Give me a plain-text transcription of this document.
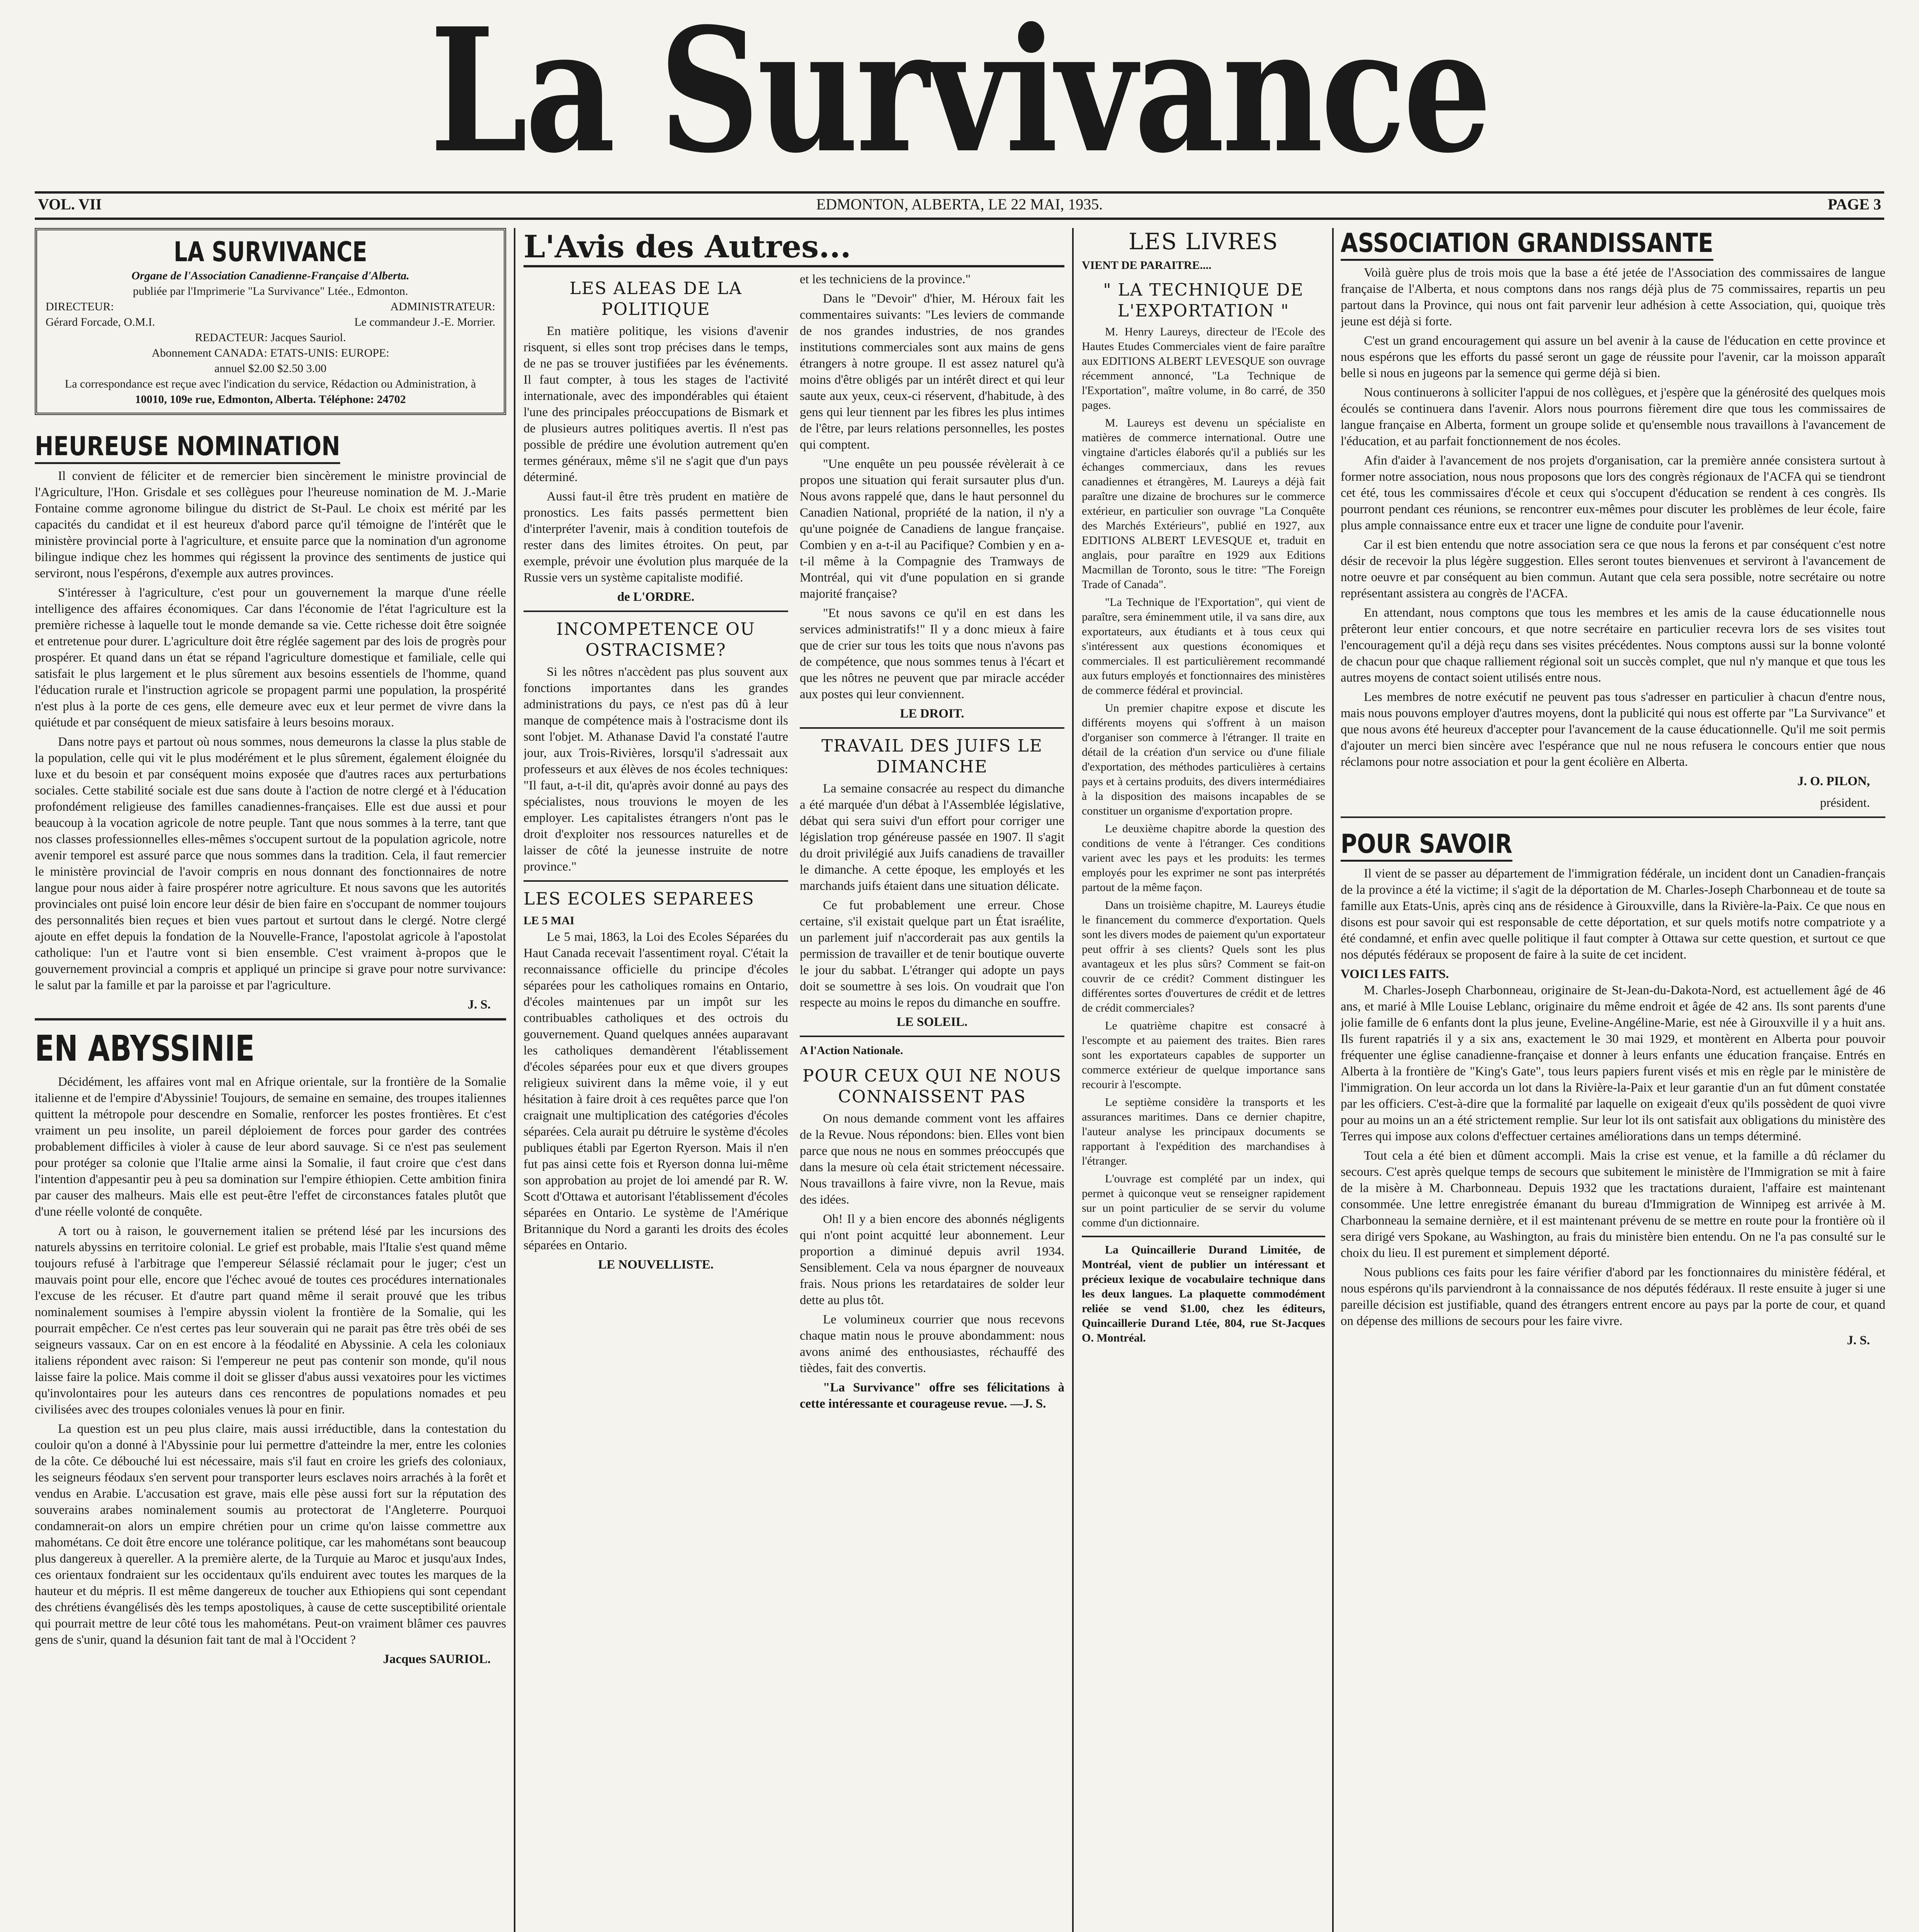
La Survivance
VOL. VII	EDMONTON, ALBERTA, LE 22 MAI, 1935.	PAGE 3
LA SURVIVANCE
Organe de l'Association Canadienne-Française d'Alberta.
publiée par l'Imprimerie "La Survivance" Ltée., Edmonton.
DIRECTEUR:	ADMINISTRATEUR:
Gérard Forcade, O.M.I.	Le commandeur J.-E. Morrier.
REDACTEUR: Jacques Sauriol.
Abonnement CANADA: ETATS-UNIS: EUROPE:
annuel $2.00 $2.50 3.00
La correspondance est reçue avec l'indication du service, Rédaction ou Administration, à
10010, 109e rue, Edmonton, Alberta. Téléphone: 24702
HEUREUSE NOMINATION

Il convient de féliciter et de remercier bien sincèrement le ministre provincial de l'Agriculture, l'Hon. Grisdale et ses collègues pour l'heureuse nomination de M. J.-Marie Fontaine comme agronome bilingue du district de St-Paul. Le choix est mérité par les capacités du candidat et il est heureux d'abord parce qu'il témoigne de l'intérêt que le ministère provincial porte à l'agriculture, et ensuite parce que la nomination d'un agronome bilingue indique chez les hommes qui régissent la province des sentiments de justice qui serviront, nous l'espérons, d'exemple aux autres provinces.

S'intéresser à l'agriculture, c'est pour un gouvernement la marque d'une réelle intelligence des affaires économiques. Car dans l'économie de l'état l'agriculture est la première richesse à laquelle tout le monde demande sa vie. Cette richesse doit être soignée et entretenue pour durer. L'agriculture doit être réglée sagement par des lois de progrès pour prospérer. Et quand dans un état se répand l'agriculture domestique et familiale, celle qui satisfait le plus largement et le plus sûrement aux besoins essentiels de l'homme, quand l'éducation rurale et l'instruction agricole se propagent parmi une population, la prospérité n'est plus à la porte de ces gens, elle demeure avec eux et leur permet de vivre dans la quiétude et par conséquent de mieux satisfaire à leurs besoins moraux.

Dans notre pays et partout où nous sommes, nous demeurons la classe la plus stable de la population, celle qui vit le plus modérément et le plus sûrement, également éloignée du luxe et du besoin et par conséquent moins exposée que d'autres races aux perturbations sociales. Cette stabilité sociale est due sans doute à l'action de notre clergé et à l'éducation profondément religieuse des familles canadiennes-françaises. Elle est due aussi et pour beaucoup à la vocation agricole de notre peuple. Tant que nous sommes à la terre, tant que nos classes professionnelles elles-mêmes s'occupent surtout de la population agricole, notre avenir temporel est assuré parce que nous sommes dans la tradition. Cela, il faut remercier le ministère provincial de l'avoir compris en nous donnant des fonctionnaires de notre langue pour nous aider à faire prospérer notre agriculture. Et nous savons que les autorités provinciales ont puisé loin encore leur désir de bien faire en s'occupant de nommer toujours des personnalités bien reçues et bien vues partout et surtout dans le clergé. Notre clergé ajoute en effet depuis la fondation de la Nouvelle-France, l'apostolat agricole à l'apostolat catholique: l'un et l'autre vont si bien ensemble. C'est vraiment à-propos que le gouvernement provincial a compris et appliqué un principe si grave pour notre survivance: le salut par la famille et par la paroisse et par l'agriculture.

J. S.
EN ABYSSINIE

Décidément, les affaires vont mal en Afrique orientale, sur la frontière de la Somalie italienne et de l'empire d'Abyssinie! Toujours, de semaine en semaine, des troupes italiennes quittent la métropole pour descendre en Somalie, renforcer les postes frontières. Et c'est vraiment un peu insolite, un pareil déploiement de forces pour garder des contrées probablement difficiles à violer à cause de leur abord sauvage. Si ce n'est pas seulement pour protéger sa colonie que l'Italie arme ainsi la Somalie, il faut croire que c'est dans l'intention d'appesantir peu à peu sa domination sur l'empire éthiopien. Cette ambition finira par causer des malheurs. Mais elle est peut-être l'effet de circonstances fatales plutôt que d'une réelle volonté de conquête.

A tort ou à raison, le gouvernement italien se prétend lésé par les incursions des naturels abyssins en territoire colonial. Le grief est probable, mais l'Italie s'est quand même toujours refusé à l'arbitrage que l'empereur Sélassié réclamait pour le juger; c'est un mauvais point pour elle, encore que l'échec avoué de toutes ces procédures internationales l'excuse de les récuser. Et d'autre part quand même il serait prouvé que les tribus nominalement soumises à l'empire abyssin violent la frontière de la Somalie, qui les pourrait empêcher. Ce n'est certes pas leur souverain qui ne parait pas être très obéi de ses seigneurs vassaux. Car on en est encore à la féodalité en Abyssinie. A cela les coloniaux italiens répondent avec raison: Si l'empereur ne peut pas contenir son monde, qu'il nous laisse faire la police. Mais comme il doit se glisser d'abus aussi vexatoires pour les victimes qu'involontaires pour les auteurs dans ces rencontres de populations nomades et peu civilisées avec des troupes coloniales venues là pour en finir.

La question est un peu plus claire, mais aussi irréductible, dans la contestation du couloir qu'on a donné à l'Abyssinie pour lui permettre d'atteindre la mer, entre les colonies de la côte. Ce débouché lui est nécessaire, mais s'il faut en croire les griefs des coloniaux, les seigneurs féodaux s'en servent pour transporter leurs esclaves noirs arrachés à la forêt et vendus en Arabie. L'accusation est grave, mais elle pèse aussi fort sur la réputation des souverains arabes nominalement soumis au protectorat de l'Angleterre. Pourquoi condamnerait-on alors un empire chrétien pour un crime qu'on laisse commettre aux mahométans. Ce doit être encore une tolérance politique, car les mahométans sont beaucoup plus dangereux à quereller. A la première alerte, de la Turquie au Maroc et jusqu'aux Indes, ces orientaux fondraient sur les occidentaux qu'ils enduirent avec toutes les marques de la hauteur et du mépris. Il est même dangereux de toucher aux Ethiopiens qui sont cependant des chrétiens évangélisés dès les temps apostoliques, à cause de cette susceptibilité orientale qui pourrait mettre de leur côté tous les mahométans. Peut-on vraiment blâmer ces pauvres gens de s'unir, quand la désunion fait tant de mal à l'Occident ?

Jacques SAURIOL.
L'Avis des Autres...
LES ALEAS DE LA POLITIQUE

En matière politique, les visions d'avenir risquent, si elles sont trop précises dans le temps, de ne pas se trouver justifiées par les événements. Il faut compter, à tous les stages de l'activité internationale, avec des impondérables qui étaient l'une des principales préoccupations de Bismark et de plusieurs autres politiques avertis. Il n'est pas possible de prédire une évolution autrement qu'en termes généraux, même s'il ne s'agit que d'un pays déterminé.

Aussi faut-il être très prudent en matière de pronostics. Les faits passés permettent bien d'interpréter l'avenir, mais à condition toutefois de rester dans des limites étroites. On peut, par exemple, prévoir une évolution plus marquée de la Russie vers un système capitaliste modifié.

de L'ORDRE.
INCOMPETENCE OU OSTRACISME?

Si les nôtres n'accèdent pas plus souvent aux fonctions importantes dans les grandes administrations du pays, ce n'est pas dû à leur manque de compétence mais à l'ostracisme dont ils sont l'objet. M. Athanase David l'a constaté l'autre jour, aux Trois-Rivières, lorsqu'il s'adressait aux professeurs et aux élèves de nos écoles techniques: "Il faut, a-t-il dit, qu'après avoir donné au pays des spécialistes, nous trouvions le moyen de les employer. Les capitalistes étrangers n'ont pas le droit d'exploiter nos ressources naturelles et de laisser de côté la jeunesse instruite de notre province."

LES ECOLES SEPAREES
LE 5 MAI

Le 5 mai, 1863, la Loi des Ecoles Séparées du Haut Canada recevait l'assentiment royal. C'était la reconnaissance officielle du principe d'écoles séparées pour les catholiques romains en Ontario, d'écoles maintenues par un impôt sur les contribuables catholiques et des octrois du gouvernement. Quand quelques années auparavant les catholiques demandèrent l'établissement d'écoles séparées pour eux et que divers groupes religieux suivirent dans la même voie, il y eut hésitation à faire droit à ces requêtes parce que l'on craignait une multiplication des catégories d'écoles séparées. Cela aurait pu détruire le système d'écoles publiques établi par Egerton Ryerson. Mais il n'en fut pas ainsi cette fois et Ryerson donna lui-même son approbation au projet de loi amendé par R. W. Scott d'Ottawa et autorisant l'établissement d'écoles séparées en Ontario. Le système de l'Amérique Britannique du Nord a garanti les droits des écoles séparées en Ontario.

LE NOUVELLISTE.

et les techniciens de la province."

Dans le "Devoir" d'hier, M. Héroux fait les commentaires suivants: "Les leviers de commande de nos grandes industries, de nos grandes institutions commerciales sont aux mains de gens étrangers à notre groupe. Il est assez naturel qu'à moins d'être obligés par un intérêt direct et qui leur saute aux yeux, ceux-ci réservent, d'habitude, à des gens qui leur tiennent par les fibres les plus intimes de l'être, par leurs relations personnelles, les postes qui comptent.

"Une enquête un peu poussée révèlerait à ce propos une situation qui ferait sursauter plus d'un. Nous avons rappelé que, dans le haut personnel du Canadien National, propriété de la nation, il n'y a qu'une poignée de Canadiens de langue française. Combien y en a-t-il au Pacifique? Combien y en a-t-il même à la Compagnie des Tramways de Montréal, qui vit d'une population en si grande majorité française?

"Et nous savons ce qu'il en est dans les services administratifs!" Il y a donc mieux à faire que de crier sur tous les toits que nous n'avons pas de compétence, que nous sommes tenus à l'écart et que les nôtres ne peuvent que par miracle accéder aux postes qui leur conviennent.

LE DROIT.
TRAVAIL DES JUIFS LE DIMANCHE

La semaine consacrée au respect du dimanche a été marquée d'un débat à l'Assemblée législative, débat qui sera suivi d'un effort pour corriger une législation trop généreuse passée en 1907. Il s'agit du droit privilégié aux Juifs canadiens de travailler le dimanche. A cette époque, les employés et les marchands juifs étaient dans une situation délicate.

Ce fut probablement une erreur. Chose certaine, s'il existait quelque part un État israélite, un parlement juif n'accorderait pas aux gentils la permission de travailler et de tenir boutique ouverte le jour du sabbat. L'étranger qui adopte un pays doit se soumettre à ses lois. On voudrait que l'on respecte au moins le repos du dimanche en souffre.

LE SOLEIL.
A l'Action Nationale.
POUR CEUX QUI NE NOUS CONNAISSENT PAS

On nous demande comment vont les affaires de la Revue. Nous répondons: bien. Elles vont bien parce que nous ne nous en sommes préoccupés que dans la mesure où cela était strictement nécessaire. Nous travaillons à faire vivre, non la Revue, mais des idées.

Oh! Il y a bien encore des abonnés négligents qui n'ont point acquitté leur abonnement. Leur proportion a diminué depuis avril 1934. Sensiblement. Cela va nous épargner de nouveaux frais. Nous prions les retardataires de solder leur dette au plus tôt.

Le volumineux courrier que nous recevons chaque matin nous le prouve abondamment: nous avons animé des enthousiastes, réchauffé des tièdes, fait des convertis.

"La Survivance" offre ses félicitations à cette intéressante et courageuse revue. —J. S.

LES LIVRES
VIENT DE PARAITRE....
" LA TECHNIQUE DE L'EXPORTATION "

M. Henry Laureys, directeur de l'Ecole des Hautes Etudes Commerciales vient de faire paraître aux EDITIONS ALBERT LEVESQUE son ouvrage récemment annoncé, "La Technique de l'Exportation", maître volume, in 8o carré, de 350 pages.

M. Laureys est devenu un spécialiste en matières de commerce international. Outre une vingtaine d'articles élaborés qu'il a publiés sur les échanges commerciaux, dans les revues canadiennes et étrangères, M. Laureys a déjà fait paraître une dizaine de brochures sur le commerce extérieur, en particulier son ouvrage "La Conquête des Marchés Extérieurs", publié en 1927, aux EDITIONS ALBERT LEVESQUE et, traduit en anglais, pour paraître en 1929 aux Editions Macmillan de Toronto, sous le titre: "The Foreign Trade of Canada".

"La Technique de l'Exportation", qui vient de paraître, sera éminemment utile, il va sans dire, aux exportateurs, aux étudiants et à tous ceux qui s'intéressent aux questions économiques et commerciales. Il est particulièrement recommandé aux futurs employés et fonctionnaires des ministères de commerce fédéral et provincial.

Un premier chapitre expose et discute les différents moyens qui s'offrent à un maison d'organiser son commerce à l'étranger. Il traite en détail de la création d'un service ou d'une filiale d'exportation, des méthodes particulières à certains pays et à certains produits, des divers intermédiaires à la disposition des maisons incapables de se constituer un organisme d'exportation propre.

Le deuxième chapitre aborde la question des conditions de vente à l'étranger. Ces conditions varient avec les pays et les produits: les termes employés pour les exprimer ne sont pas interprétés partout de la même façon.

Dans un troisième chapitre, M. Laureys étudie le financement du commerce d'exportation. Quels sont les divers modes de paiement qu'un exportateur peut offrir à ses clients? Quels sont les plus avantageux et les plus sûrs? Comment se fait-on couvrir de ce crédit? Comment distinguer les différentes sortes d'ouvertures de crédit et de lettres de crédit commerciales?

Le quatrième chapitre est consacré à l'escompte et au paiement des traites. Bien rares sont les exportateurs capables de supporter un commerce extérieur de quelque importance sans recourir à l'escompte.

Le septième considère la transports et les assurances maritimes. Dans ce dernier chapitre, l'auteur analyse les principaux documents se rapportant à l'expédition des marchandises à l'étranger.

L'ouvrage est complété par un index, qui permet à quiconque veut se renseigner rapidement sur un point particulier de se servir du volume comme d'un dictionnaire.

La Quincaillerie Durand Limitée, de Montréal, vient de publier un intéressant et précieux lexique de vocabulaire technique dans les deux langues. La plaquette commodément reliée se vend $1.00, chez les éditeurs, Quincaillerie Durand Ltée, 804, rue St-Jacques O. Montréal.

ASSOCIATION GRANDISSANTE

Voilà guère plus de trois mois que la base a été jetée de l'Association des commissaires de langue française de l'Alberta, et nous comptons dans nos rangs déjà plus de 75 commissaires, repartis un peu partout dans la Province, qui nous ont fait parvenir leur adhésion à cette Association, qui, quoique très jeune est déjà si forte.

C'est un grand encouragement qui assure un bel avenir à la cause de l'éducation en cette province et nous espérons que les efforts du passé seront un gage de réussite pour l'avenir, car la moisson apparaît belle si nous en jugeons par la semence qui germe déjà si bien.

Nous continuerons à solliciter l'appui de nos collègues, et j'espère que la générosité des quelques mois écoulés se continuera dans l'avenir. Alors nous pourrons fièrement dire que tous les commissaires de langue française en Alberta, forment un groupe solide et qu'ensemble nous travaillons à l'avancement de l'éducation, et au parfait fonctionnement de nos écoles.

Afin d'aider à l'avancement de nos projets d'organisation, car la première année consistera surtout à former notre association, nous nous proposons que lors des congrès régionaux de l'ACFA qui se tiendront cet été, tous les commissaires d'école et ceux qui s'occupent d'éducation se rendent à ces congrès. Ils pourront pendant ces réunions, se rencontrer eux-mêmes pour discuter les problèmes de leur école, faire plus ample connaissance entre eux et tracer une ligne de conduite pour l'avenir.

Car il est bien entendu que notre association sera ce que nous la ferons et par conséquent c'est notre désir de recevoir la plus légère suggestion. Elles seront toutes bienvenues et serviront à l'avancement de notre oeuvre et par conséquent au bien commun. Autant que cela sera possible, notre secrétaire ou notre représentant assistera au congrès de l'ACFA.

En attendant, nous comptons que tous les membres et les amis de la cause éducationnelle nous prêteront leur entier concours, et que notre secrétaire en particulier recevra lors de ses visites tout l'encouragement qu'il a déjà reçu dans ses visites précédentes. Nous comptons aussi sur la bonne volonté de chacun pour que chaque ralliement régional soit un succès complet, que nul n'y manque et que tous les autres moyens de contact soient utilisés entre nous.

Les membres de notre exécutif ne peuvent pas tous s'adresser en particulier à chacun d'entre nous, mais nous pouvons employer d'autres moyens, dont la publicité qui nous est offerte par "La Survivance" et que nous avons été heureux d'accepter pour l'avancement de la cause éducationnelle. Qu'il me soit permis d'ajouter un merci bien sincère avec l'espérance que nul ne nous refusera le concours entier que nous réclamons pour notre association et pour la gent écolière en Alberta.

J. O. PILON,
président.
POUR SAVOIR

Il vient de se passer au département de l'immigration fédérale, un incident dont un Canadien-français de la province a été la victime; il s'agit de la déportation de M. Charles-Joseph Charbonneau et de toute sa famille aux Etats-Unis, après cinq ans de résidence à Girouxville, dans la Rivière-la-Paix. Ce que nous en disons est pour savoir qui est responsable de cette déportation, et sur quels motifs notre compatriote y a été condamné, et enfin avec quelle politique il faut compter à Ottawa sur cette question, et surtout ce que nos députés fédéraux se proposent de faire à la suite de cet incident.

VOICI LES FAITS.

M. Charles-Joseph Charbonneau, originaire de St-Jean-du-Dakota-Nord, est actuellement âgé de 46 ans, et marié à Mlle Louise Leblanc, originaire du même endroit et âgée de 42 ans. Ils sont parents d'une jolie famille de 6 enfants dont la plus jeune, Eveline-Angéline-Marie, est née à Girouxville il y a huit ans. Ils furent rapatriés il y a six ans, exactement le 30 mai 1929, et montèrent en Alberta pour pouvoir fréquenter une église canadienne-française et donner à leurs enfants une éducation française. Entrés en Alberta à la frontière de "King's Gate", tous leurs papiers furent visés et mis en règle par le ministère de l'immigration. On leur accorda un lot dans la Rivière-la-Paix et leur garantie d'un an fut dûment constatée par les officiers. C'est-à-dire que la formalité par laquelle on exigeait d'eux qu'ils possèdent de quoi vivre pour au moins un an a été strictement remplie. Sur leur lot ils ont satisfait aux obligations du ministère des Terres qui impose aux colons d'effectuer certaines améliorations dans un temps déterminé.

Tout cela a été bien et dûment accompli. Mais la crise est venue, et la famille a dû réclamer du secours. C'est après quelque temps de secours que subitement le ministère de l'Immigration se mit à faire de la misère à M. Charbonneau. Depuis 1932 que les tractations duraient, l'affaire est maintenant consommée. Une lettre enregistrée émanant du bureau d'Immigration de Winnipeg est arrivée à M. Charbonneau la semaine dernière, et il est maintenant prévenu de se mettre en route pour la frontière où il sera dirigé vers Spokane, au Washington, au frais du ministère bien entendu. On ne l'a pas consulté sur le choix du lieu. Il est purement et simplement déporté.

Nous publions ces faits pour les faire vérifier d'abord par les fonctionnaires du ministère fédéral, et nous espérons qu'ils parviendront à la connaissance de nos députés fédéraux. Il reste ensuite à juger si une pareille décision est justifiable, quand des étrangers entrent encore au pays par la porte de cour, et quand on dépense des millions de secours pour les faire vivre.

J. S.
